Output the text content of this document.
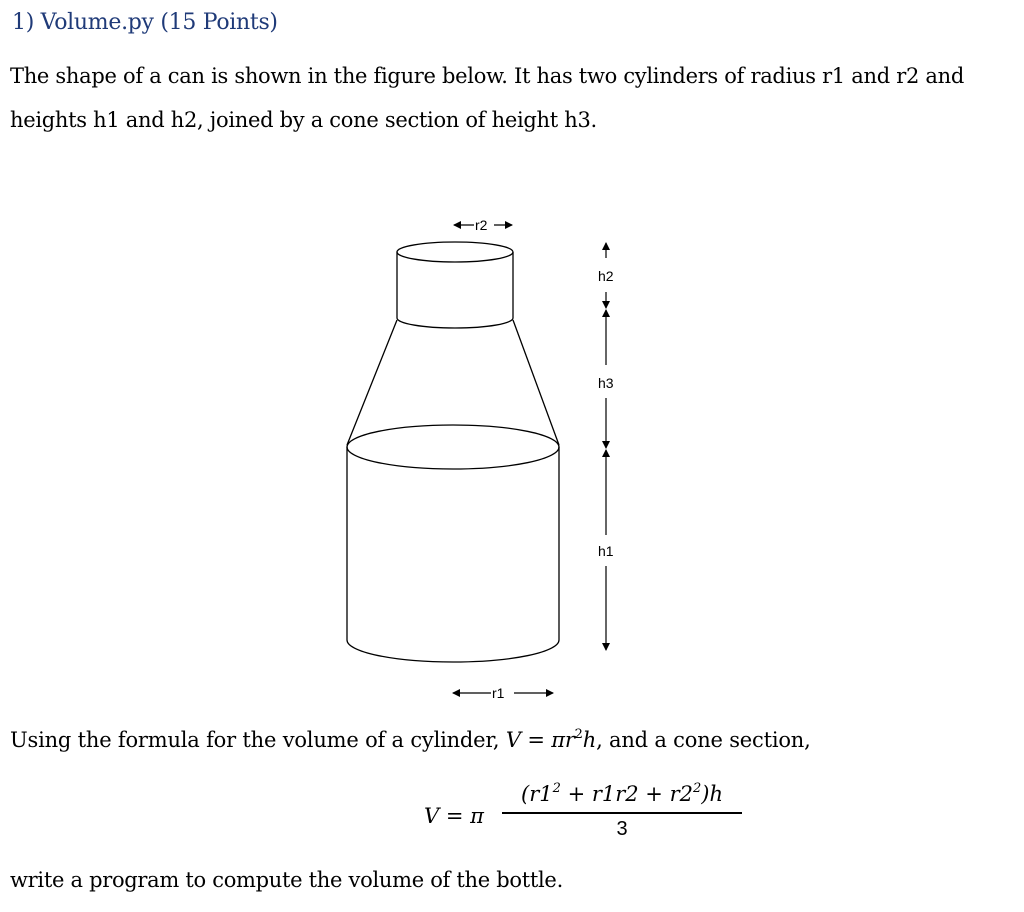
1) Volume.py (15 Points)
The shape of a can is shown in the figure below. It has two cylinders of radius r1 and r2 and
heights h1 and h2, joined by a cone section of height h3.
r2
r1
h2
h3
h1
Using the formula for the volume of a cylinder, $V = \pi r^2h$, and a cone section,
V = π
$(r1^2 + r1r2 + r2^2)h$
3
write a program to compute the volume of the bottle.
